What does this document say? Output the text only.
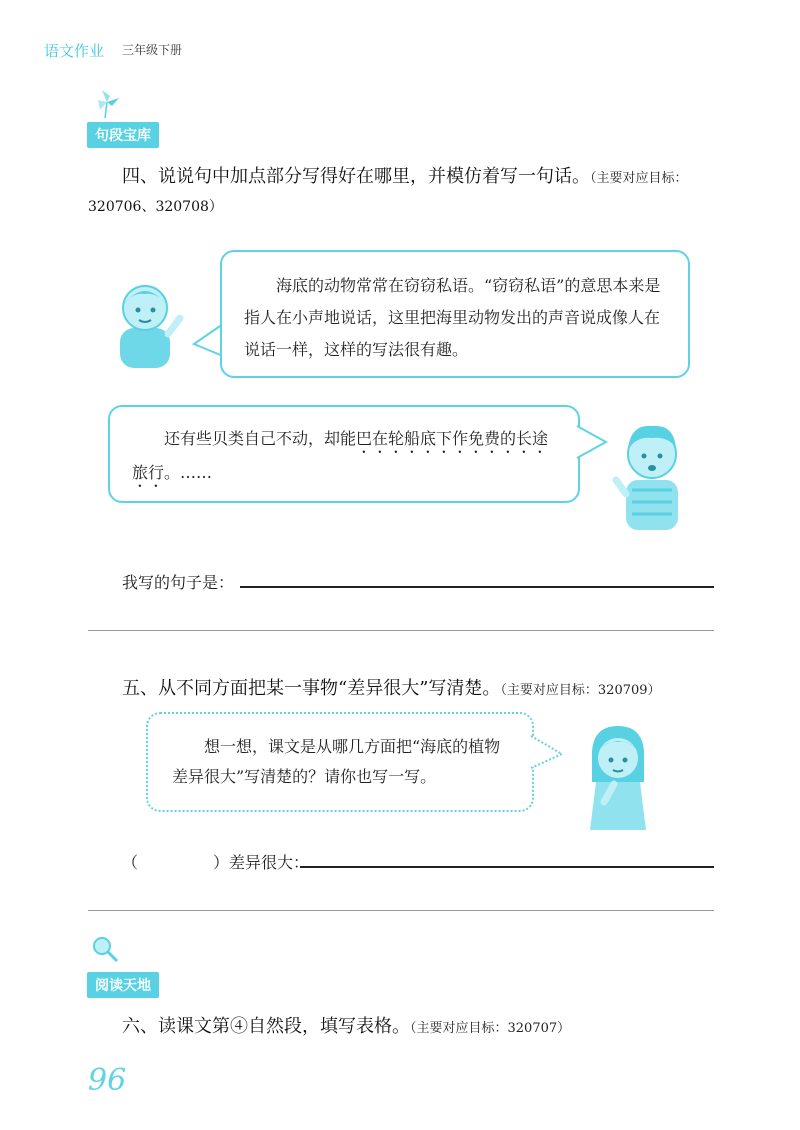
语文作业 三年级下册
句段宝库
四、说说句中加点部分写得好在哪里，并模仿着写一句话。（主要对应目标：
320706、320708）
海底的动物常常在窃窃私语。“窃窃私语”的意思本来是指人在小声地说话，这里把海里动物发出的声音说成像人在说话一样，这样的写法很有趣。
还有些贝类自己不动，却能巴在轮船底下作免费的长途旅行。……
我写的句子是：
五、从不同方面把某一事物“差异很大”写清楚。（主要对应目标：320709）
想一想，课文是从哪几方面把“海底的植物差异很大”写清楚的？请你也写一写。
（	）差异很大：
阅读天地
六、读课文第④自然段，填写表格。（主要对应目标：320707）
96
